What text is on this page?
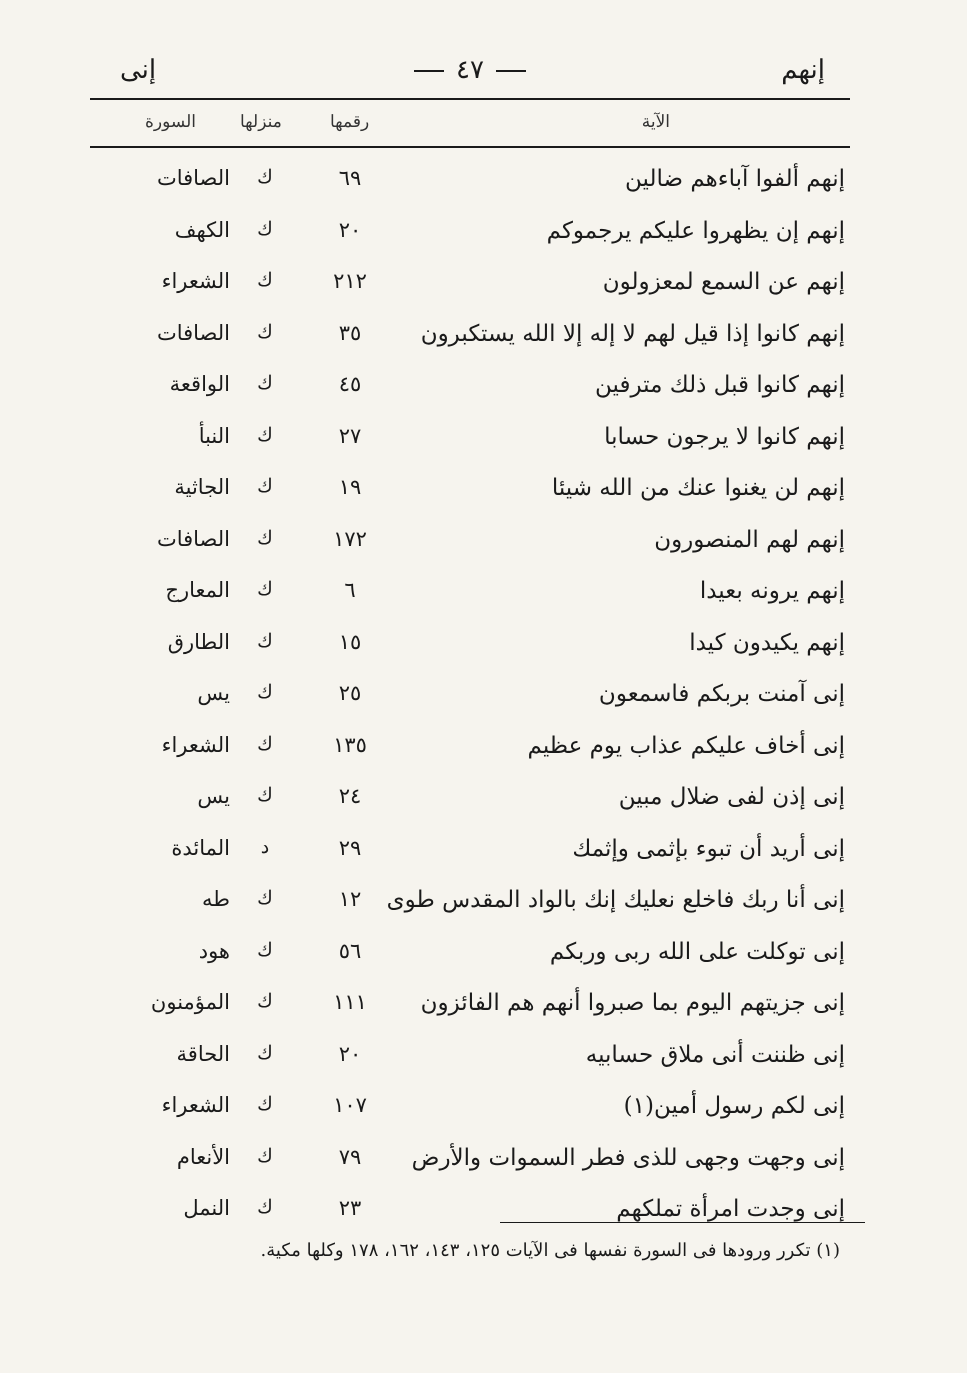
إنى	٤٧	إنهم
الآية
رقمها
منزلها
السورة
إنهم ألفوا آباءهم ضالين
٦٩
ك
الصافات
إنهم إن يظهروا عليكم يرجموكم
٢٠
ك
الكهف
إنهم عن السمع لمعزولون
٢١٢
ك
الشعراء
إنهم كانوا إذا قيل لهم لا إله إلا الله يستكبرون
٣٥
ك
الصافات
إنهم كانوا قبل ذلك مترفين
٤٥
ك
الواقعة
إنهم كانوا لا يرجون حسابا
٢٧
ك
النبأ
إنهم لن يغنوا عنك من الله شيئا
١٩
ك
الجاثية
إنهم لهم المنصورون
١٧٢
ك
الصافات
إنهم يرونه بعيدا
٦
ك
المعارج
إنهم يكيدون كيدا
١٥
ك
الطارق
إنى آمنت بربكم فاسمعون
٢٥
ك
يس
إنى أخاف عليكم عذاب يوم عظيم
١٣٥
ك
الشعراء
إنى إذن لفى ضلال مبين
٢٤
ك
يس
إنى أريد أن تبوء بإثمى وإثمك
٢٩
د
المائدة
إنى أنا ربك فاخلع نعليك إنك بالواد المقدس طوى
١٢
ك
طه
إنى توكلت على الله ربى وربكم
٥٦
ك
هود
إنى جزيتهم اليوم بما صبروا أنهم هم الفائزون
١١١
ك
المؤمنون
إنى ظننت أنى ملاق حسابيه
٢٠
ك
الحاقة
إنى لكم رسول أمين(١)
١٠٧
ك
الشعراء
إنى وجهت وجهى للذى فطر السموات والأرض
٧٩
ك
الأنعام
إنى وجدت امرأة تملكهم
٢٣
ك
النمل
(١) تكرر ورودها فى السورة نفسها فى الآيات ١٢٥، ١٤٣، ١٦٢، ١٧٨ وكلها مكية.
